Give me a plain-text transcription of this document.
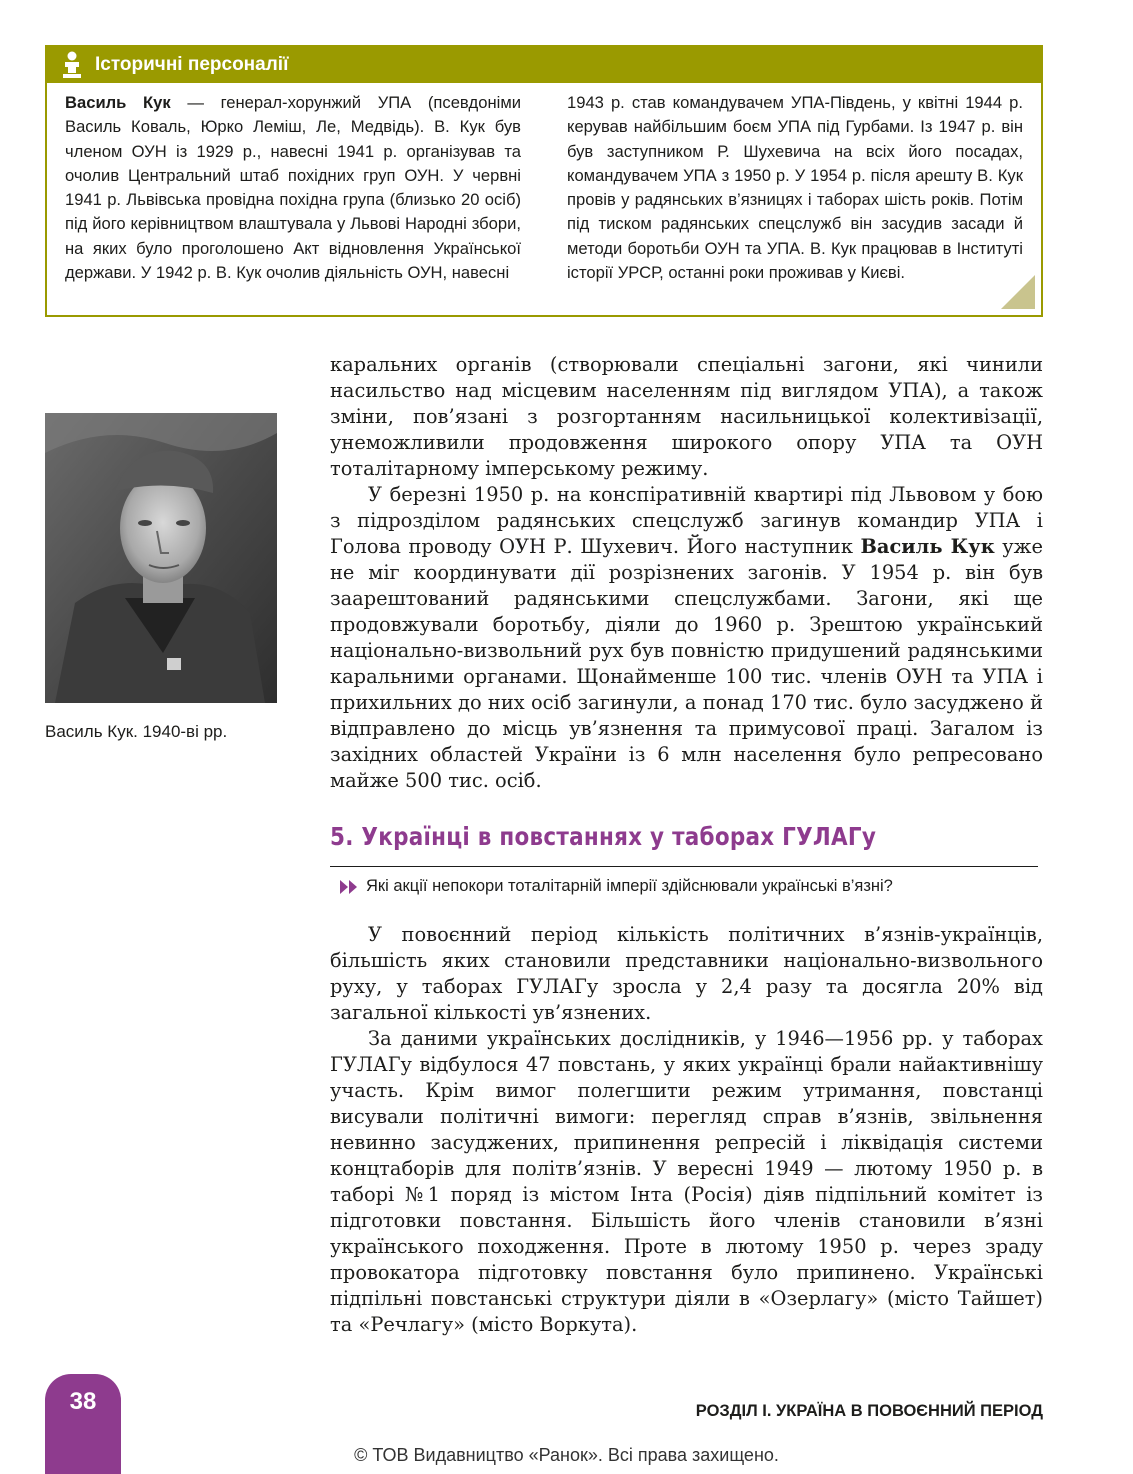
Історичні персоналії
Василь Кук — генерал-хорунжий УПА (псевдоніми Василь Коваль, Юрко Леміш, Ле, Медвідь). В. Кук був членом ОУН із 1929 р., навесні 1941 р. організував та очолив Центральний штаб похідних груп ОУН. У червні 1941 р. Львівська провідна похідна група (близько 20 осіб) під його керівництвом влаштувала у Львові Народні збори, на яких було проголошено Акт відновлення Української держави. У 1942 р. В. Кук очолив діяльність ОУН, навесні
1943 р. став командувачем УПА-Південь, у квітні 1944 р. керував найбільшим боєм УПА під Гурбами. Із 1947 р. він був заступником Р. Шухевича на всіх його посадах, командувачем УПА з 1950 р. У 1954 р. після арешту В. Кук провів у радянських в’язницях і таборах шість років. Потім під тиском радянських спецслужб він засудив засади й методи боротьби ОУН та УПА. В. Кук працював в Інституті історії УРСР, останні роки проживав у Києві.
Василь Кук. 1940-ві рр.

каральних органів (створювали спеціальні загони, які чинили насильство над місцевим населенням під виглядом УПА), а також зміни, пов’язані з розгортанням насильницької колективізації, унеможливили продовження широкого опору УПА та ОУН тоталітарному імперському режиму.

У березні 1950 р. на конспіративній квартирі під Львовом у бою з підрозділом радянських спецслужб загинув командир УПА і Голова проводу ОУН Р. Шухевич. Його наступник Василь Кук уже не міг координувати дії розрізнених загонів. У 1954 р. він був заарештований радянськими спецслужбами. Загони, які ще продовжували боротьбу, діяли до 1960 р. Зрештою український національно-визвольний рух був повністю придушений радянськими каральними органами. Щонайменше 100 тис. членів ОУН та УПА і прихильних до них осіб загинули, а понад 170 тис. було засуджено й відправлено до місць ув’язнення та примусової праці. Загалом із західних областей України із 6 млн населення було репресовано майже 500 тис. осіб.

5. Українці в повстаннях у таборах ГУЛАГу
Які акції непокори тоталітарній імперії здійснювали українські в’язні?

У повоєнний період кількість політичних в’язнів-українців, більшість яких становили представники національно-визвольного руху, у таборах ГУЛАГу зросла у 2,4 разу та досягла 20% від загальної кількості ув’язнених.

За даними українських дослідників, у 1946—1956 рр. у таборах ГУЛАГу відбулося 47 повстань, у яких українці брали найактивнішу участь. Крім вимог полегшити режим утримання, повстанці висували політичні вимоги: перегляд справ в’язнів, звільнення невинно засуджених, припинення репресій і ліквідація системи концтаборів для політв’язнів. У вересні 1949 — лютому 1950 р. в таборі №1 поряд із містом Інта (Росія) діяв підпільний комітет із підготовки повстання. Більшість його членів становили в’язні українського походження. Проте в лютому 1950 р. через зраду провокатора підготовку повстання було припинено. Українські підпільні повстанські структури діяли в «Озерлагу» (місто Тайшет) та «Речлагу» (місто Воркута).

38	РОЗДІЛ І. УКРАЇНА В ПОВОЄННИЙ ПЕРІОД
© ТОВ Видавництво «Ранок». Всі права захищено.
